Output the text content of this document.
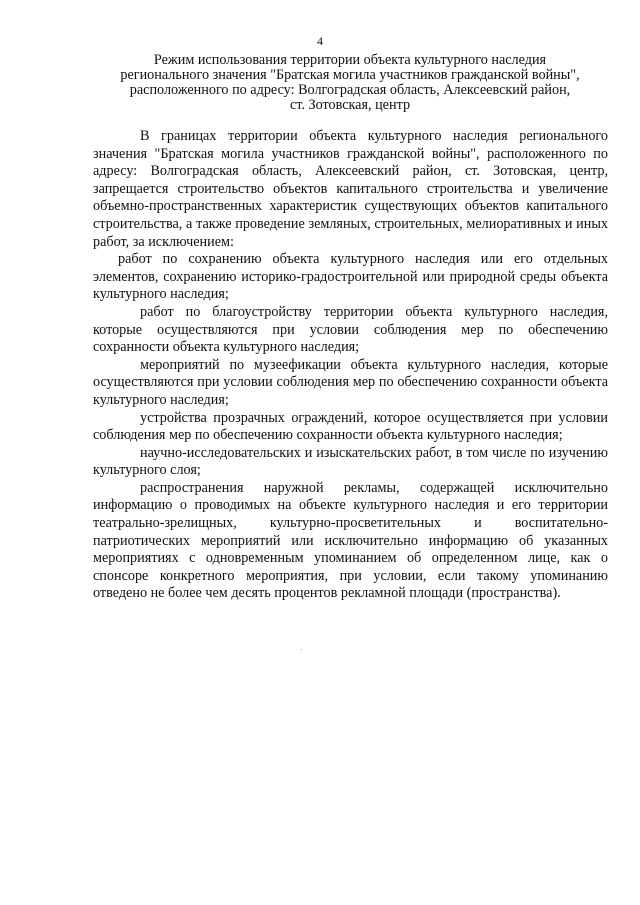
4
Режим использования территории объекта культурного наследия
регионального значения "Братская могила участников гражданской войны",
расположенного по адресу: Волгоградская область, Алексеевский район,
ст. Зотовская, центр

В границах территории объекта культурного наследия регионального значения "Братская могила участников гражданской войны", расположенного по адресу: Волгоградская область, Алексеевский район, ст. Зотовская, центр, запрещается строительство объектов капитального строительства и увеличение объемно-пространственных характеристик существующих объектов капитального строительства, а также проведение земляных, строительных, мелиоративных и иных работ, за исключением:

работ по сохранению объекта культурного наследия или его отдельных элементов, сохранению историко-градостроительной или природной среды объекта культурного наследия;

работ по благоустройству территории объекта культурного наследия, которые осуществляются при условии соблюдения мер по обеспечению сохранности объекта культурного наследия;

мероприятий по музеефикации объекта культурного наследия, которые осуществляются при условии соблюдения мер по обеспечению сохранности объекта культурного наследия;

устройства прозрачных ограждений, которое осуществляется при условии соблюдения мер по обеспечению сохранности объекта культурного наследия;

научно-исследовательских и изыскательских работ, в том числе по изучению культурного слоя;

распространения наружной рекламы, содержащей исключительно информацию о проводимых на объекте культурного наследия и его территории театрально-зрелищных, культурно-просветительных и воспитательно-патриотических мероприятий или исключительно информацию об указанных мероприятиях с одновременным упоминанием об определенном лице, как о спонсоре конкретного мероприятия, при условии, если такому упоминанию отведено не более чем десять процентов рекламной площади (пространства).
